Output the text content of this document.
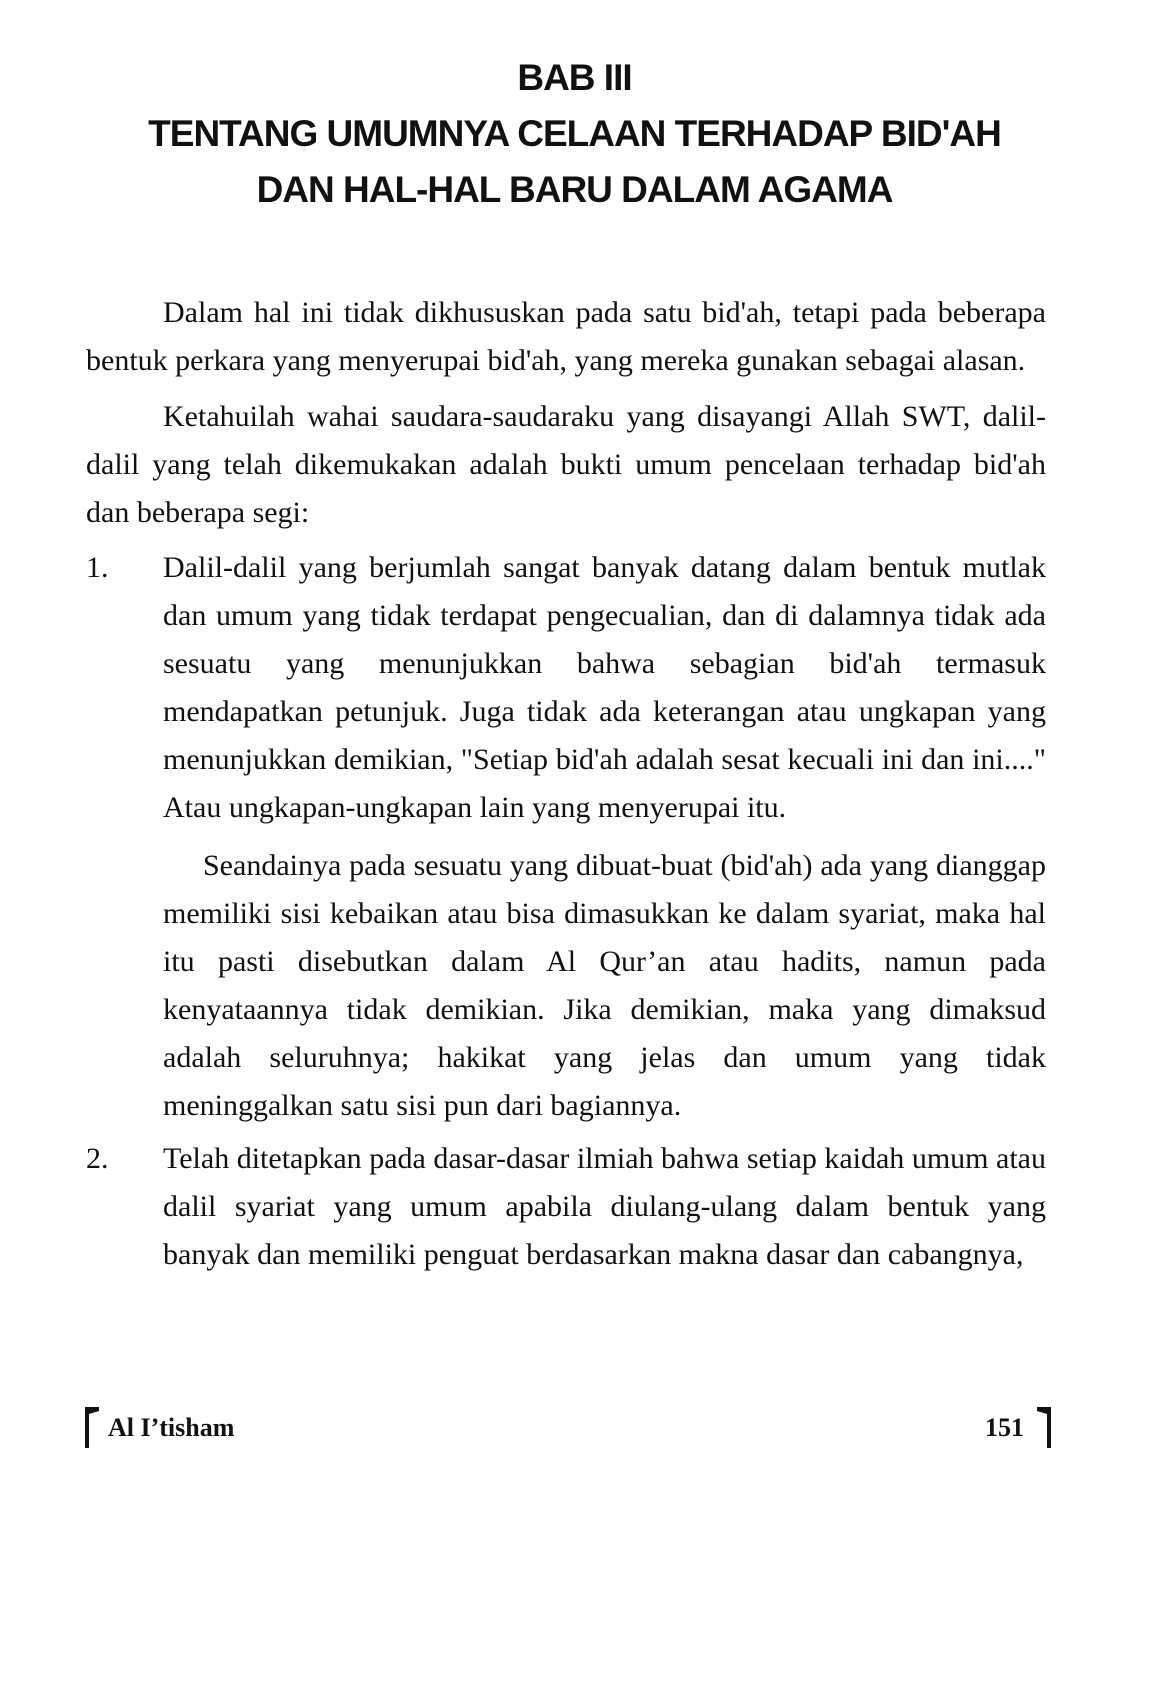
BAB III
TENTANG UMUMNYA CELAAN TERHADAP BID'AH
DAN HAL-HAL BARU DALAM AGAMA

Dalam hal ini tidak dikhususkan pada satu bid'ah, tetapi pada beberapa bentuk perkara yang menyerupai bid'ah, yang mereka gunakan sebagai alasan.

Ketahuilah wahai saudara-saudaraku yang disayangi Allah SWT, dalil-dalil yang telah dikemukakan adalah bukti umum pencelaan terhadap bid'ah dan beberapa segi:

1.	Dalil-dalil yang berjumlah sangat banyak datang dalam bentuk mutlak dan umum yang tidak terdapat pengecualian, dan di dalamnya tidak ada sesuatu yang menunjukkan bahwa sebagian bid'ah termasuk mendapatkan petunjuk. Juga tidak ada keterangan atau ungkapan yang menunjukkan demikian, "Setiap bid'ah adalah sesat kecuali ini dan ini...." Atau ungkapan-ungkapan lain yang menyerupai itu.

Seandainya pada sesuatu yang dibuat-buat (bid'ah) ada yang dianggap memiliki sisi kebaikan atau bisa dimasukkan ke dalam syariat, maka hal itu pasti disebutkan dalam Al Qur’an atau hadits, namun pada kenyataannya tidak demikian. Jika demikian, maka yang dimaksud adalah seluruhnya; hakikat yang jelas dan umum yang tidak meninggalkan satu sisi pun dari bagiannya.

2.	Telah ditetapkan pada dasar-dasar ilmiah bahwa setiap kaidah umum atau dalil syariat yang umum apabila diulang-ulang dalam bentuk yang banyak dan memiliki penguat berdasarkan makna dasar dan cabangnya,

Al I’tisham	151
